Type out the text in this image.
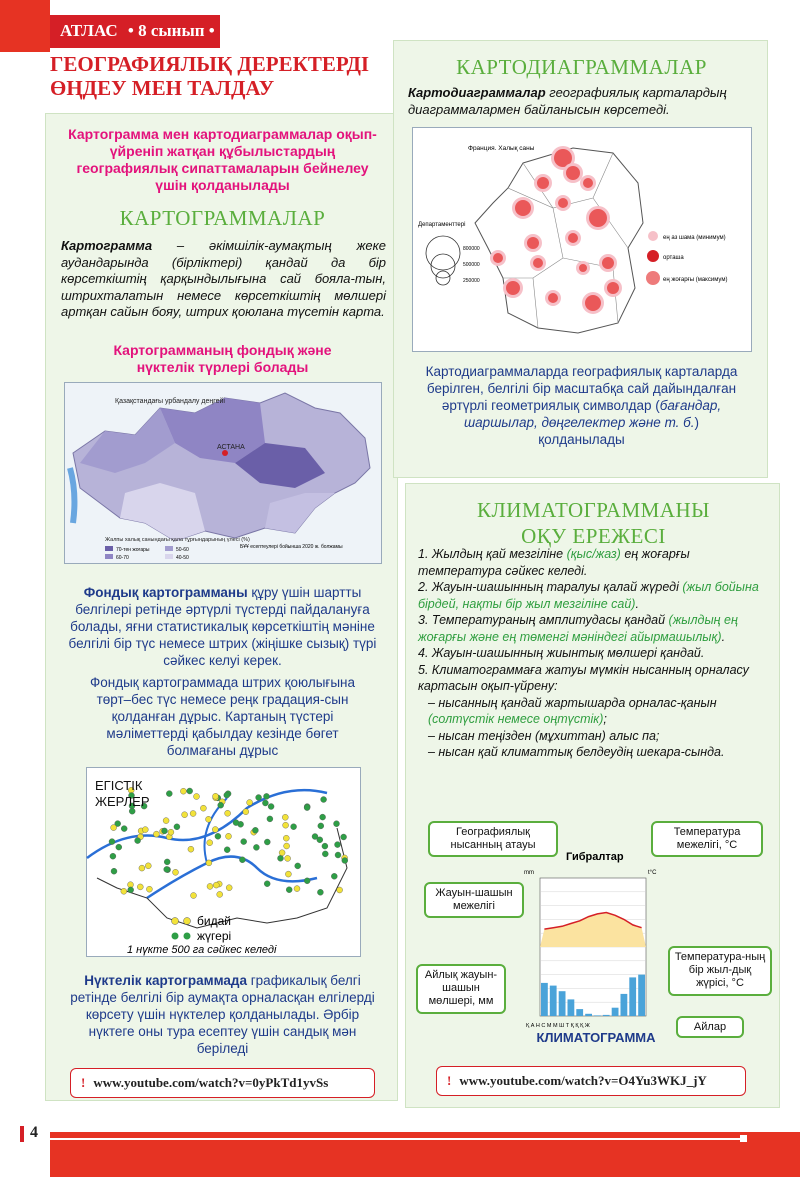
АТЛАС • 8 сынып •
ГЕОГРАФИЯЛЫҚ ДЕРЕКТЕРДІ
ӨҢДЕУ МЕН ТАЛДАУ
Картограмма мен картодиаграммалар оқып-үйреніп жатқан құбылыстардың географиялық сипаттамаларын бейнелеу үшін қолданылады
КАРТОГРАММАЛАР
Картограмма – әкімшілік-аумақтың жеке аудандарында (бірліктері) қандай да бір көрсеткіштің қарқындылығына сай бояла-тын, штрихталатын немесе көрсеткіштің мөлшері артқан сайын бояу, штрих қоюлана түсетін карта.
Картограмманың фондық және нүктелік түрлері болады
АСТАНА
Қазақстандағы урбандалу деңгейі
Жалпы халық санындағы қала тұрғындарының үлесі (%)
70-тен жоғары
60-70
50-60
40-50
БҰҰ есептеулері бойынша 2020 ж. болжамы
Фондық картограмманы құру үшін шартты белгілері ретінде әртүрлі түстерді пайдалануға болады, яғни статистикалық көрсеткіштің мәніне белгілі бір түс немесе штрих (жіңішке сызық) түрі сәйкес келуі керек.
Фондық картограммада штрих қоюлығына төрт–бес түс немесе реңк градация-сын қолданған дұрыс. Картаның түстері мәліметтерді қабылдау кезінде бөгет болмағаны дұрыс
ЕГІСТІК
ЖЕРЛЕР
бидай
жүгері
1 нүкте 500 га сәйкес келеді
Нүктелік картограммада графикалық белгі ретінде белгілі бір аумақта орналасқан елгілерді көрсету үшін нүктелер қолданылады. Әрбір нүктеге оны тура есептеу үшін сандық мән беріледі
! www.youtube.com/watch?v=0yPkTd1yvSs
КАРТОДИАГРАММАЛАР
Картодиаграммалар географиялық карталардың диаграммалармен байланысын көрсетеді.
Франция. Халық саны
Департаменттері
800000
500000
250000
ең аз шама (минимум)
орташа
ең жоғарғы (максимум)
Картодиаграммаларда географиялық карталарда берілген, белгілі бір масштабқа сай дайындалған әртүрлі геометриялық символдар (бағандар, шаршылар, дөңгелектер және т. б.) қолданылады
КЛИМАТОГРАММАНЫ
ОҚУ ЕРЕЖЕСІ
1. Жылдың қай мезгіліне (қыс/жаз) ең жоғарғы температура сәйкес келеді.
2. Жауын-шашынның таралуы қалай жүреді (жыл бойына бірдей, нақты бір жыл мезгіліне сай).
3. Температураның амплитудасы қандай (жылдың ең жоғарғы және ең төменгі мәніндегі айырмашылық).
4. Жауын-шашынның жиынтық мөлшері қандай.
5. Климатограммаға жатуы мүмкін нысанның орналасу картасын оқып-үйрену:
– нысанның қандай жартышарда орналас-қанын (солтүстік немесе оңтүстік);
– нысан теңізден (мұхиттан) алыс па;
– нысан қай климаттық белдеудің шекара-сында.
Географиялық нысанның атауы
Температура межелігі, °С
Жауын-шашын межелігі
Температура-ның бір жыл-дық жүрісі, °С
Айлық жауын-шашын мөлшері, мм
Айлар
Гибралтар
mm	t°C
Қ А Н С М М Ш Т Қ Қ Қ Ж
КЛИМАТОГРАММА
! www.youtube.com/watch?v=O4Yu3WKJ_jY
4
